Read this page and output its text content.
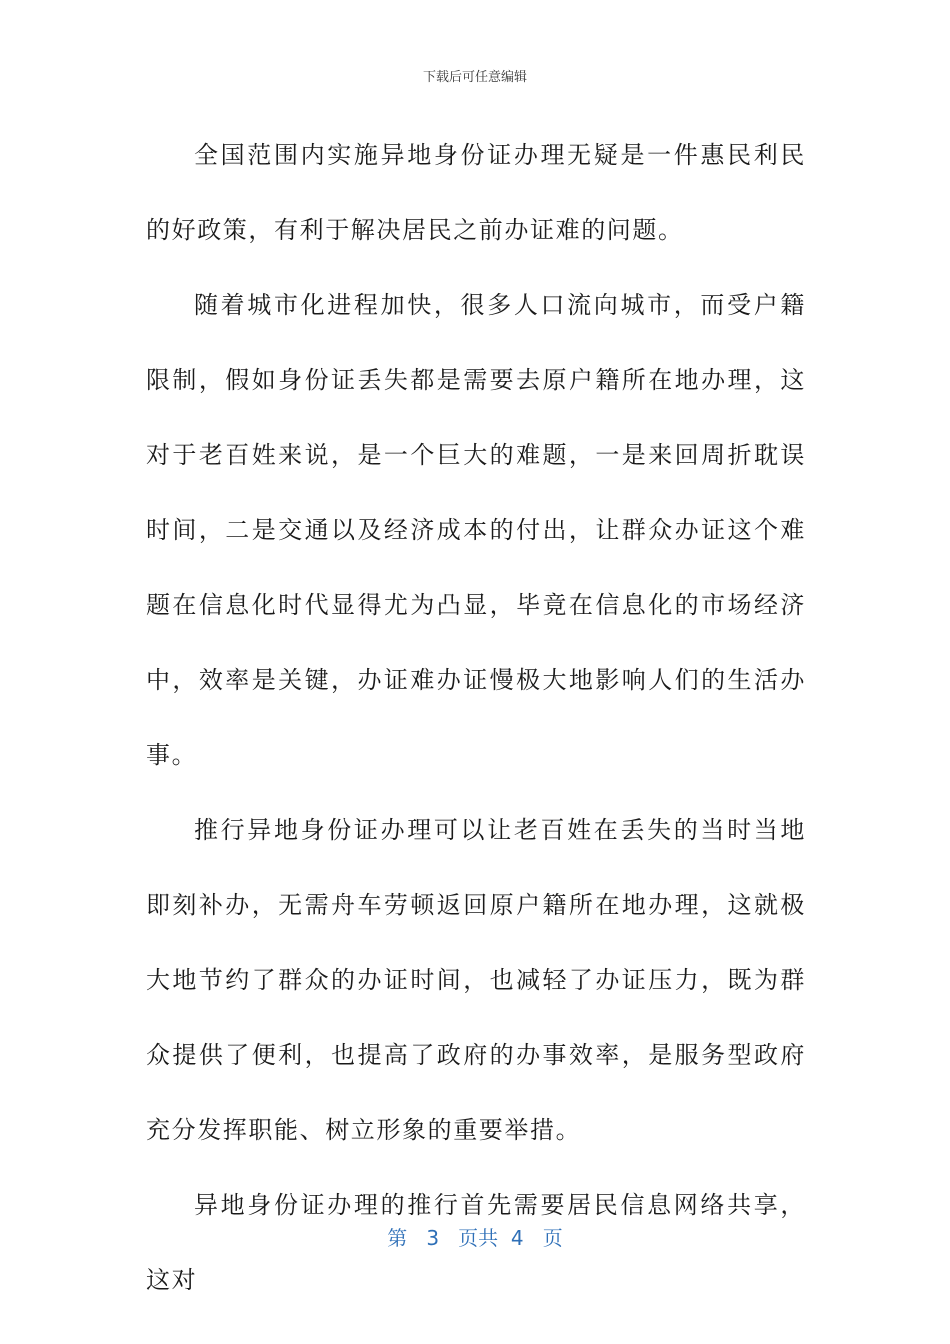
下载后可任意编辑

全国范围内实施异地身份证办理无疑是一件惠民利民的好政策，有利于解决居民之前办证难的问题。

随着城市化进程加快，很多人口流向城市，而受户籍限制，假如身份证丢失都是需要去原户籍所在地办理，这对于老百姓来说，是一个巨大的难题，一是来回周折耽误时间，二是交通以及经济成本的付出，让群众办证这个难题在信息化时代显得尤为凸显，毕竟在信息化的市场经济中，效率是关键，办证难办证慢极大地影响人们的生活办事。

推行异地身份证办理可以让老百姓在丢失的当时当地即刻补办，无需舟车劳顿返回原户籍所在地办理，这就极大地节约了群众的办证时间，也减轻了办证压力，既为群众提供了便利，也提高了政府的办事效率，是服务型政府充分发挥职能、树立形象的重要举措。

异地身份证办理的推行首先需要居民信息网络共享，这对

第 3 页共 4 页
